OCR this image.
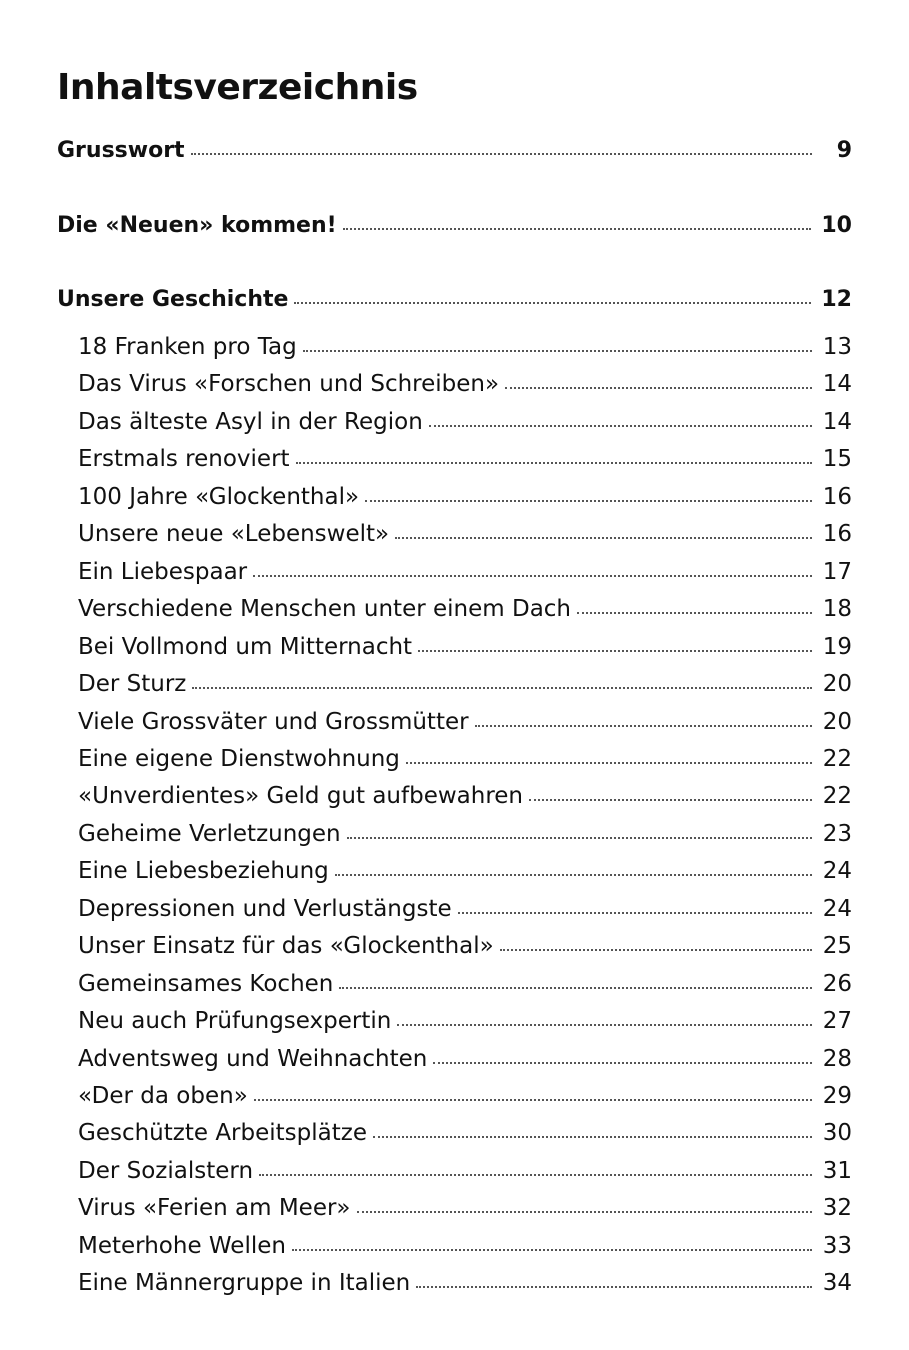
Inhaltsverzeichnis
Grusswort	9
Die «Neuen» kommen!	10
Unsere Geschichte	12
18 Franken pro Tag	13
Das Virus «Forschen und Schreiben»	14
Das älteste Asyl in der Region	14
Erstmals renoviert	15
100 Jahre «Glockenthal»	16
Unsere neue «Lebenswelt»	16
Ein Liebespaar	17
Verschiedene Menschen unter einem Dach	18
Bei Vollmond um Mitternacht	19
Der Sturz	20
Viele Grossväter und Grossmütter	20
Eine eigene Dienstwohnung	22
«Unverdientes» Geld gut aufbewahren	22
Geheime Verletzungen	23
Eine Liebesbeziehung	24
Depressionen und Verlustängste	24
Unser Einsatz für das «Glockenthal»	25
Gemeinsames Kochen	26
Neu auch Prüfungsexpertin	27
Adventsweg und Weihnachten	28
«Der da oben»	29
Geschützte Arbeitsplätze	30
Der Sozialstern	31
Virus «Ferien am Meer»	32
Meterhohe Wellen	33
Eine Männergruppe in Italien	34
